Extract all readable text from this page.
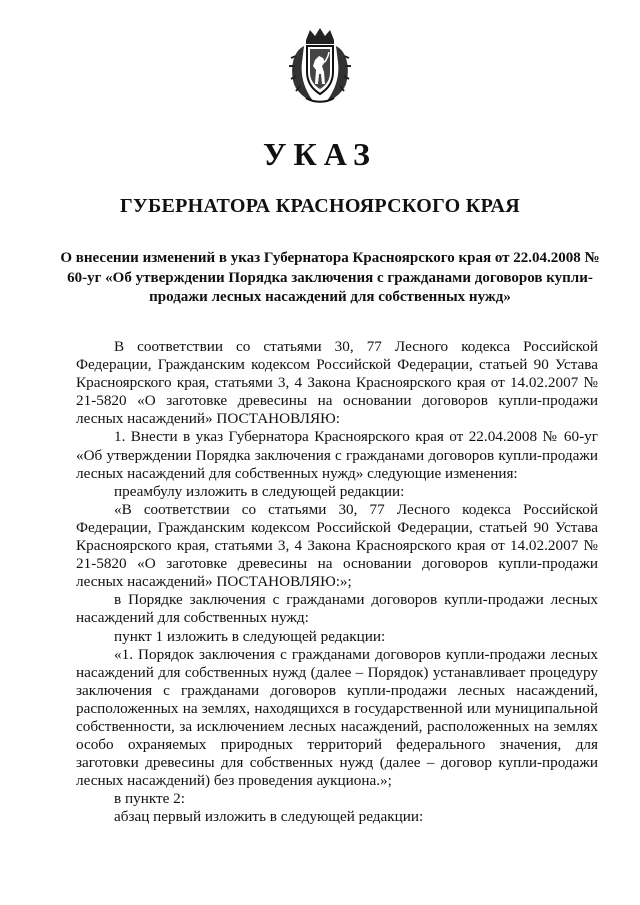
УКАЗ
ГУБЕРНАТОРА КРАСНОЯРСКОГО КРАЯ

О внесении изменений в указ Губернатора Красноярского края от 22.04.2008 № 60-уг «Об утверждении Порядка заключения с гражданами договоров купли-продажи лесных насаждений для собственных нужд»

В соответствии со статьями 30, 77 Лесного кодекса Российской Федерации, Гражданским кодексом Российской Федерации, статьей 90 Устава Красноярского края, статьями 3, 4 Закона Красноярского края от 14.02.2007 № 21-5820 «О заготовке древесины на основании договоров купли-продажи лесных насаждений» ПОСТАНОВЛЯЮ:

1. Внести в указ Губернатора Красноярского края от 22.04.2008 № 60-уг «Об утверждении Порядка заключения с гражданами договоров купли-продажи лесных насаждений для собственных нужд» следующие изменения:

преамбулу изложить в следующей редакции:

«В соответствии со статьями 30, 77 Лесного кодекса Российской Федерации, Гражданским кодексом Российской Федерации, статьей 90 Устава Красноярского края, статьями 3, 4 Закона Красноярского края от 14.02.2007 № 21-5820 «О заготовке древесины на основании договоров купли-продажи лесных насаждений» ПОСТАНОВЛЯЮ:»;

в Порядке заключения с гражданами договоров купли-продажи лесных насаждений для собственных нужд:

пункт 1 изложить в следующей редакции:

«1. Порядок заключения с гражданами договоров купли-продажи лесных насаждений для собственных нужд (далее – Порядок) устанавливает процедуру заключения с гражданами договоров купли-продажи лесных насаждений, расположенных на землях, находящихся в государственной или муниципальной собственности, за исключением лесных насаждений, расположенных на землях особо охраняемых природных территорий федерального значения, для заготовки древесины для собственных нужд (далее – договор купли-продажи лесных насаждений) без проведения аукциона.»;

в пункте 2:

абзац первый изложить в следующей редакции:
